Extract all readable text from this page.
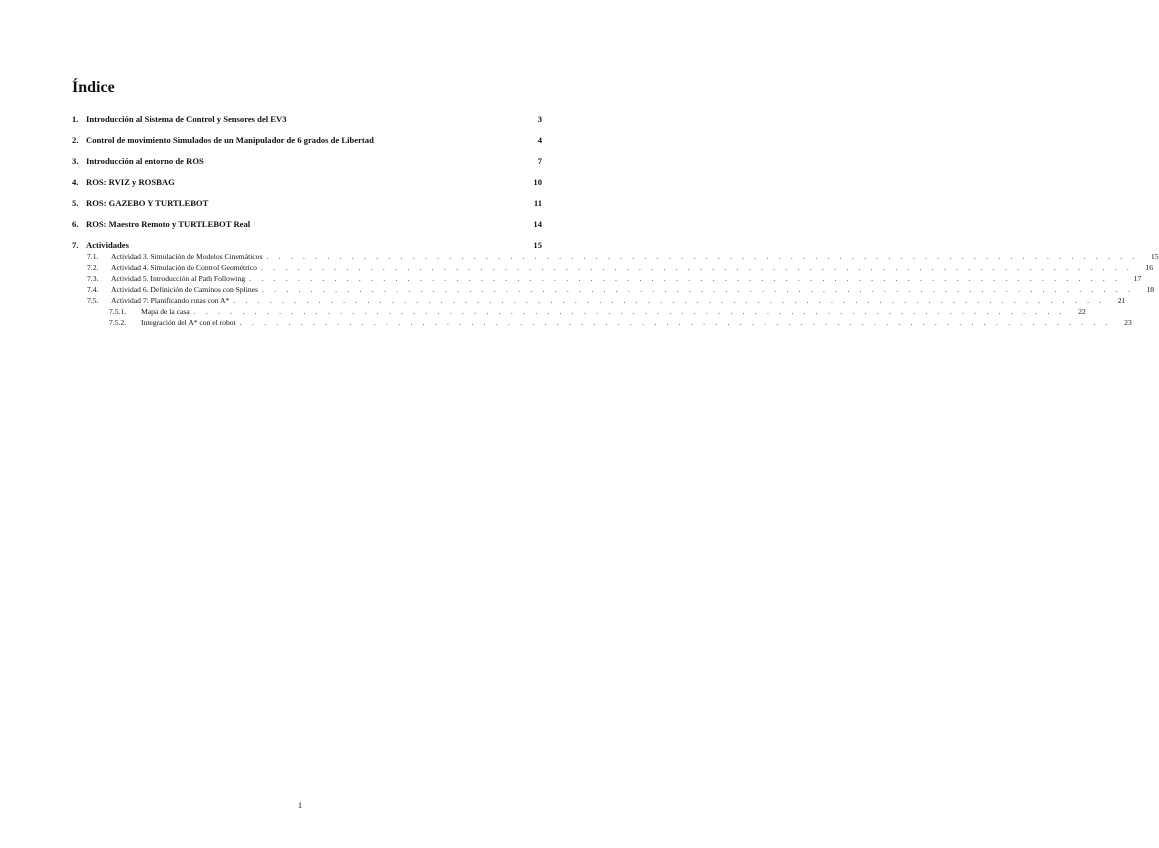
Índice
1. Introducción al Sistema de Control y Sensores del EV3	3
2. Control de movimiento Simulados de un Manipulador de 6 grados de Libertad	4
3. Introducción al entorno de ROS	7
4. ROS: RVIZ y ROSBAG	10
5. ROS: GAZEBO Y TURTLEBOT	11
6. ROS: Maestro Remoto y TURTLEBOT Real	14
7. Actividades	15
7.1.	Actividad 3. Simulación de Modelos Cinemáticos . . . . . . . . . . . . . . . . . . . . . . . . . . . . . . . . . . . . . . . . . . . . . . . . . . . . . . . . . . . . . . . . . . . . . . . .	15
7.2.	Actividad 4. Simulación de Control Geométrico . . . . . . . . . . . . . . . . . . . . . . . . . . . . . . . . . . . . . . . . . . . . . . . . . . . . . . . . . . . . . . . . . . . . . . . .	16
7.3.	Actividad 5. Introducción al Path Following . . . . . . . . . . . . . . . . . . . . . . . . . . . . . . . . . . . . . . . . . . . . . . . . . . . . . . . . . . . . . . . . . . . . . . . .	17
7.4.	Actividad 6. Definición de Caminos con Splines . . . . . . . . . . . . . . . . . . . . . . . . . . . . . . . . . . . . . . . . . . . . . . . . . . . . . . . . . . . . . . . . . . . . . . . .	18
7.5.	Actividad 7: Planificando rutas con A* . . . . . . . . . . . . . . . . . . . . . . . . . . . . . . . . . . . . . . . . . . . . . . . . . . . . . . . . . . . . . . . . . . . . . . . .	21
7.5.1.	Mapa de la casa . . . . . . . . . . . . . . . . . . . . . . . . . . . . . . . . . . . . . . . . . . . . . . . . . . . . . . . . . . . . . . . . . . . . . . . .	22
7.5.2.	Integración del A* con el robot . . . . . . . . . . . . . . . . . . . . . . . . . . . . . . . . . . . . . . . . . . . . . . . . . . . . . . . . . . . . . . . . . . . . . . . .	23
1
